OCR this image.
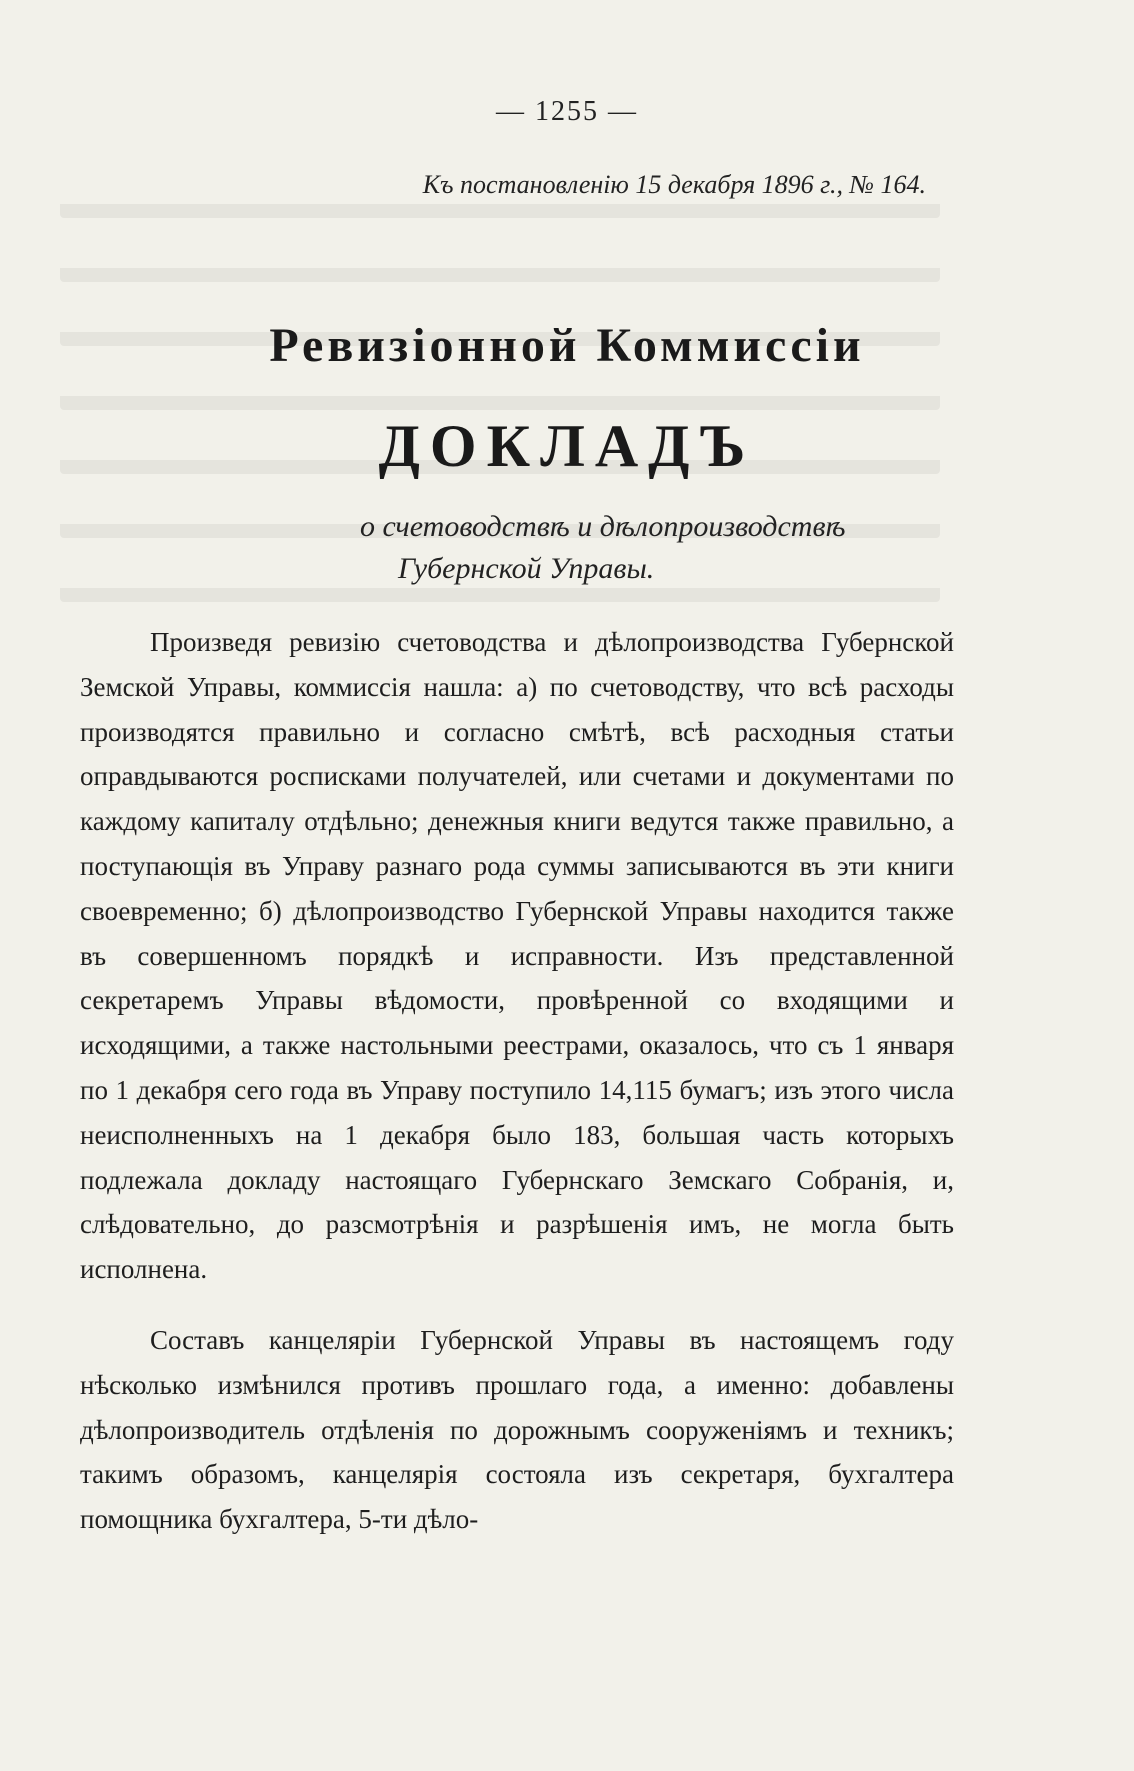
— 1255 —
Къ постановленію 15 декабря 1896 г., № 164.
Ревизіонной Коммиссіи
ДОКЛАДЪ
о счетоводствѣ и дѣлопроизводствѣ
Губернской Управы.

Произведя ревизію счетоводства и дѣлопроизводства Губернской Земской Управы, коммиссія нашла: а) по счетоводству, что всѣ расходы производятся правильно и согласно смѣтѣ, всѣ расходныя статьи оправдываются росписками получателей, или счетами и документами по каждому капиталу отдѣльно; денежныя книги ведутся также правильно, а поступающія въ Управу разнаго рода суммы записываются въ эти книги своевременно; б) дѣлопроизводство Губернской Управы находится также въ совершенномъ порядкѣ и исправности. Изъ представленной секретаремъ Управы вѣдомости, провѣренной со входящими и исходящими, а также настольными реестрами, оказалось, что съ 1 января по 1 декабря сего года въ Управу поступило 14,115 бумагъ; изъ этого числа неисполненныхъ на 1 декабря было 183, большая часть которыхъ подлежала докладу настоящаго Губернскаго Земскаго Собранія, и, слѣдовательно, до разсмотрѣнія и разрѣшенія имъ, не могла быть исполнена.

Составъ канцеляріи Губернской Управы въ настоящемъ году нѣсколько измѣнился противъ прошлаго года, а именно: добавлены дѣлопроизводитель отдѣленія по дорожнымъ сооруженіямъ и техникъ; такимъ образомъ, канцелярія состояла изъ секретаря, бухгалтера помощника бухгалтера, 5-ти дѣло-
